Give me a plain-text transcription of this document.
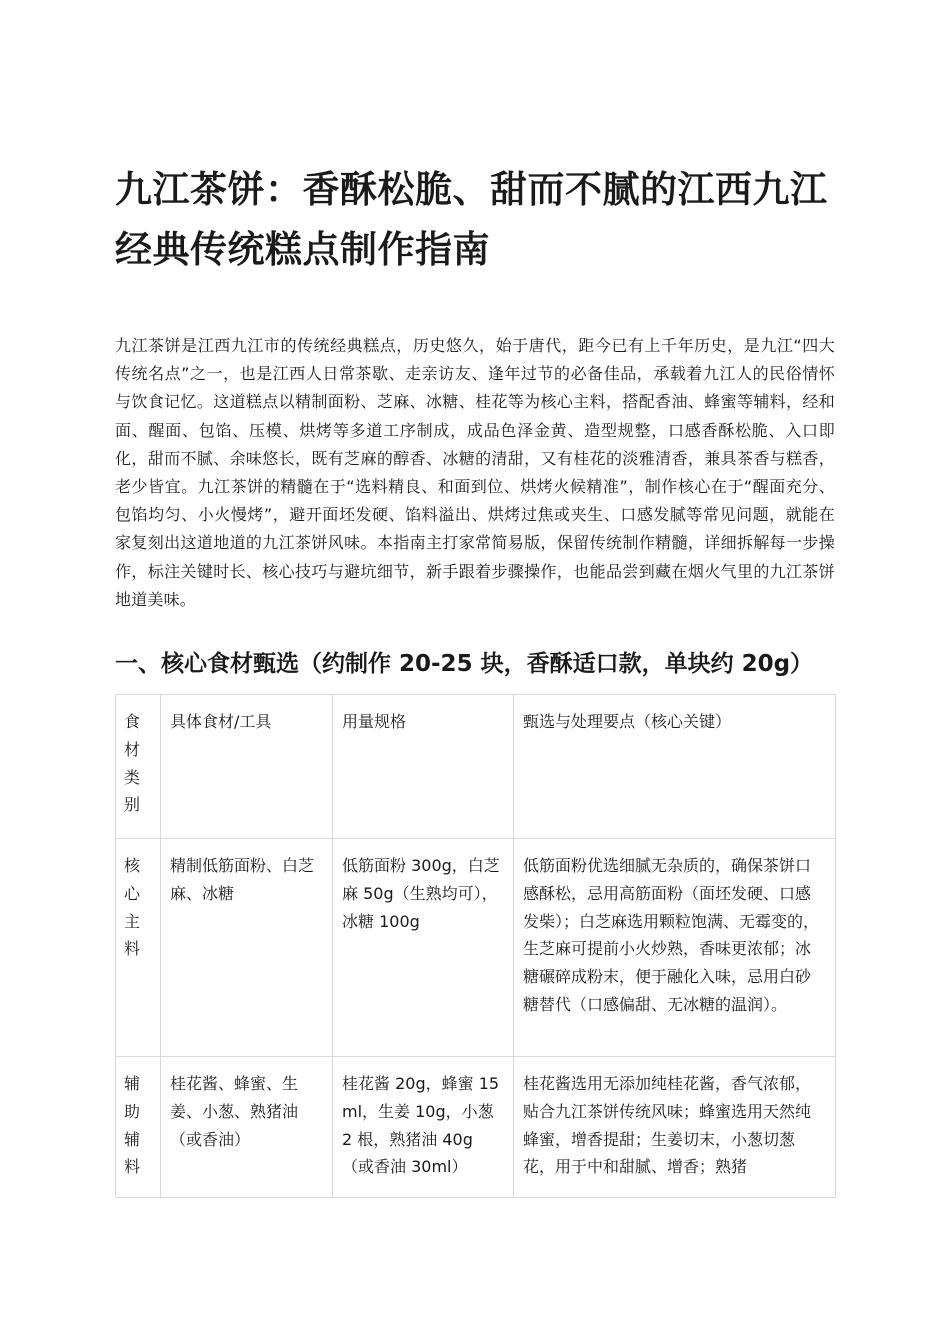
九江茶饼：香酥松脆、甜而不腻的江西九江经典传统糕点制作指南

九江茶饼是江西九江市的传统经典糕点，历史悠久，始于唐代，距今已有上千年历史，是九江“四大传统名点”之一，也是江西人日常茶歇、走亲访友、逢年过节的必备佳品，承载着九江人的民俗情怀与饮食记忆。这道糕点以精制面粉、芝麻、冰糖、桂花等为核心主料，搭配香油、蜂蜜等辅料，经和面、醒面、包馅、压模、烘烤等多道工序制成，成品色泽金黄、造型规整，口感香酥松脆、入口即化，甜而不腻、余味悠长，既有芝麻的醇香、冰糖的清甜，又有桂花的淡雅清香，兼具茶香与糕香，老少皆宜。九江茶饼的精髓在于“选料精良、和面到位、烘烤火候精准”，制作核心在于“醒面充分、包馅均匀、小火慢烤”，避开面坯发硬、馅料溢出、烘烤过焦或夹生、口感发腻等常见问题，就能在家复刻出这道地道的九江茶饼风味。本指南主打家常简易版，保留传统制作精髓，详细拆解每一步操作，标注关键时长、核心技巧与避坑细节，新手跟着步骤操作，也能品尝到藏在烟火气里的九江茶饼地道美味。

一、核心食材甄选（约制作 20-25 块，香酥适口款，单块约 20g）
食材类别	具体食材/工具	用量规格	甄选与处理要点（核心关键）
核心主料	精制低筋面粉、白芝麻、冰糖	低筋面粉 300g，白芝麻 50g（生熟均可），冰糖 100g	低筋面粉优选细腻无杂质的，确保茶饼口感酥松，忌用高筋面粉（面坯发硬、口感发柴）；白芝麻选用颗粒饱满、无霉变的，生芝麻可提前小火炒熟，香味更浓郁；冰糖碾碎成粉末，便于融化入味，忌用白砂糖替代（口感偏甜、无冰糖的温润）。

辅助辅料	桂花酱、蜂蜜、生姜、小葱、熟猪油（或香油）	桂花酱 20g，蜂蜜 15ml，生姜 10g，小葱 2 根，熟猪油 40g（或香油 30ml）	桂花酱选用无添加纯桂花酱，香气浓郁，贴合九江茶饼传统风味；蜂蜜选用天然纯蜂蜜，增香提甜；生姜切末，小葱切葱花，用于中和甜腻、增香；熟猪
